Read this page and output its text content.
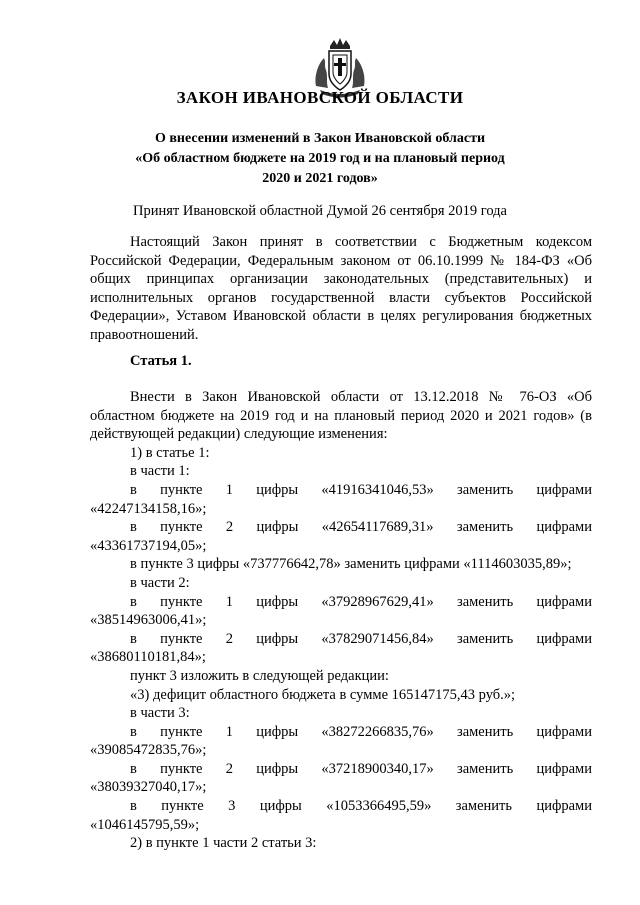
ЗАКОН ИВАНОВСКОЙ ОБЛАСТИ
О внесении изменений в Закон Ивановской области
«Об областном бюджете на 2019 год и на плановый период
2020 и 2021 годов»
Принят Ивановской областной Думой 26 сентября 2019 года

Настоящий Закон принят в соответствии с Бюджетным кодексом Российской Федерации, Федеральным законом от 06.10.1999 № 184-ФЗ «Об общих принципах организации законодательных (представительных) и исполнительных органов государственной власти субъектов Российской Федерации», Уставом Ивановской области в целях регулирования бюджетных правоотношений.

Статья 1.

Внести в Закон Ивановской области от 13.12.2018 № 76-ОЗ «Об областном бюджете на 2019 год и на плановый период 2020 и 2021 годов» (в действующей редакции) следующие изменения:

1) в статье 1:
в части 1:
в пункте 1 цифры «41916341046,53» заменить цифрами
«42247134158,16»;
в пункте 2 цифры «42654117689,31» заменить цифрами
«43361737194,05»;
в пункте 3 цифры «737776642,78» заменить цифрами «1114603035,89»;
в части 2:
в пункте 1 цифры «37928967629,41» заменить цифрами
«38514963006,41»;
в пункте 2 цифры «37829071456,84» заменить цифрами
«38680110181,84»;
пункт 3 изложить в следующей редакции:
«3) дефицит областного бюджета в сумме 165147175,43 руб.»;
в части 3:
в пункте 1 цифры «38272266835,76» заменить цифрами
«39085472835,76»;
в пункте 2 цифры «37218900340,17» заменить цифрами
«38039327040,17»;
в пункте 3 цифры «1053366495,59» заменить цифрами
«1046145795,59»;
2) в пункте 1 части 2 статьи 3:
